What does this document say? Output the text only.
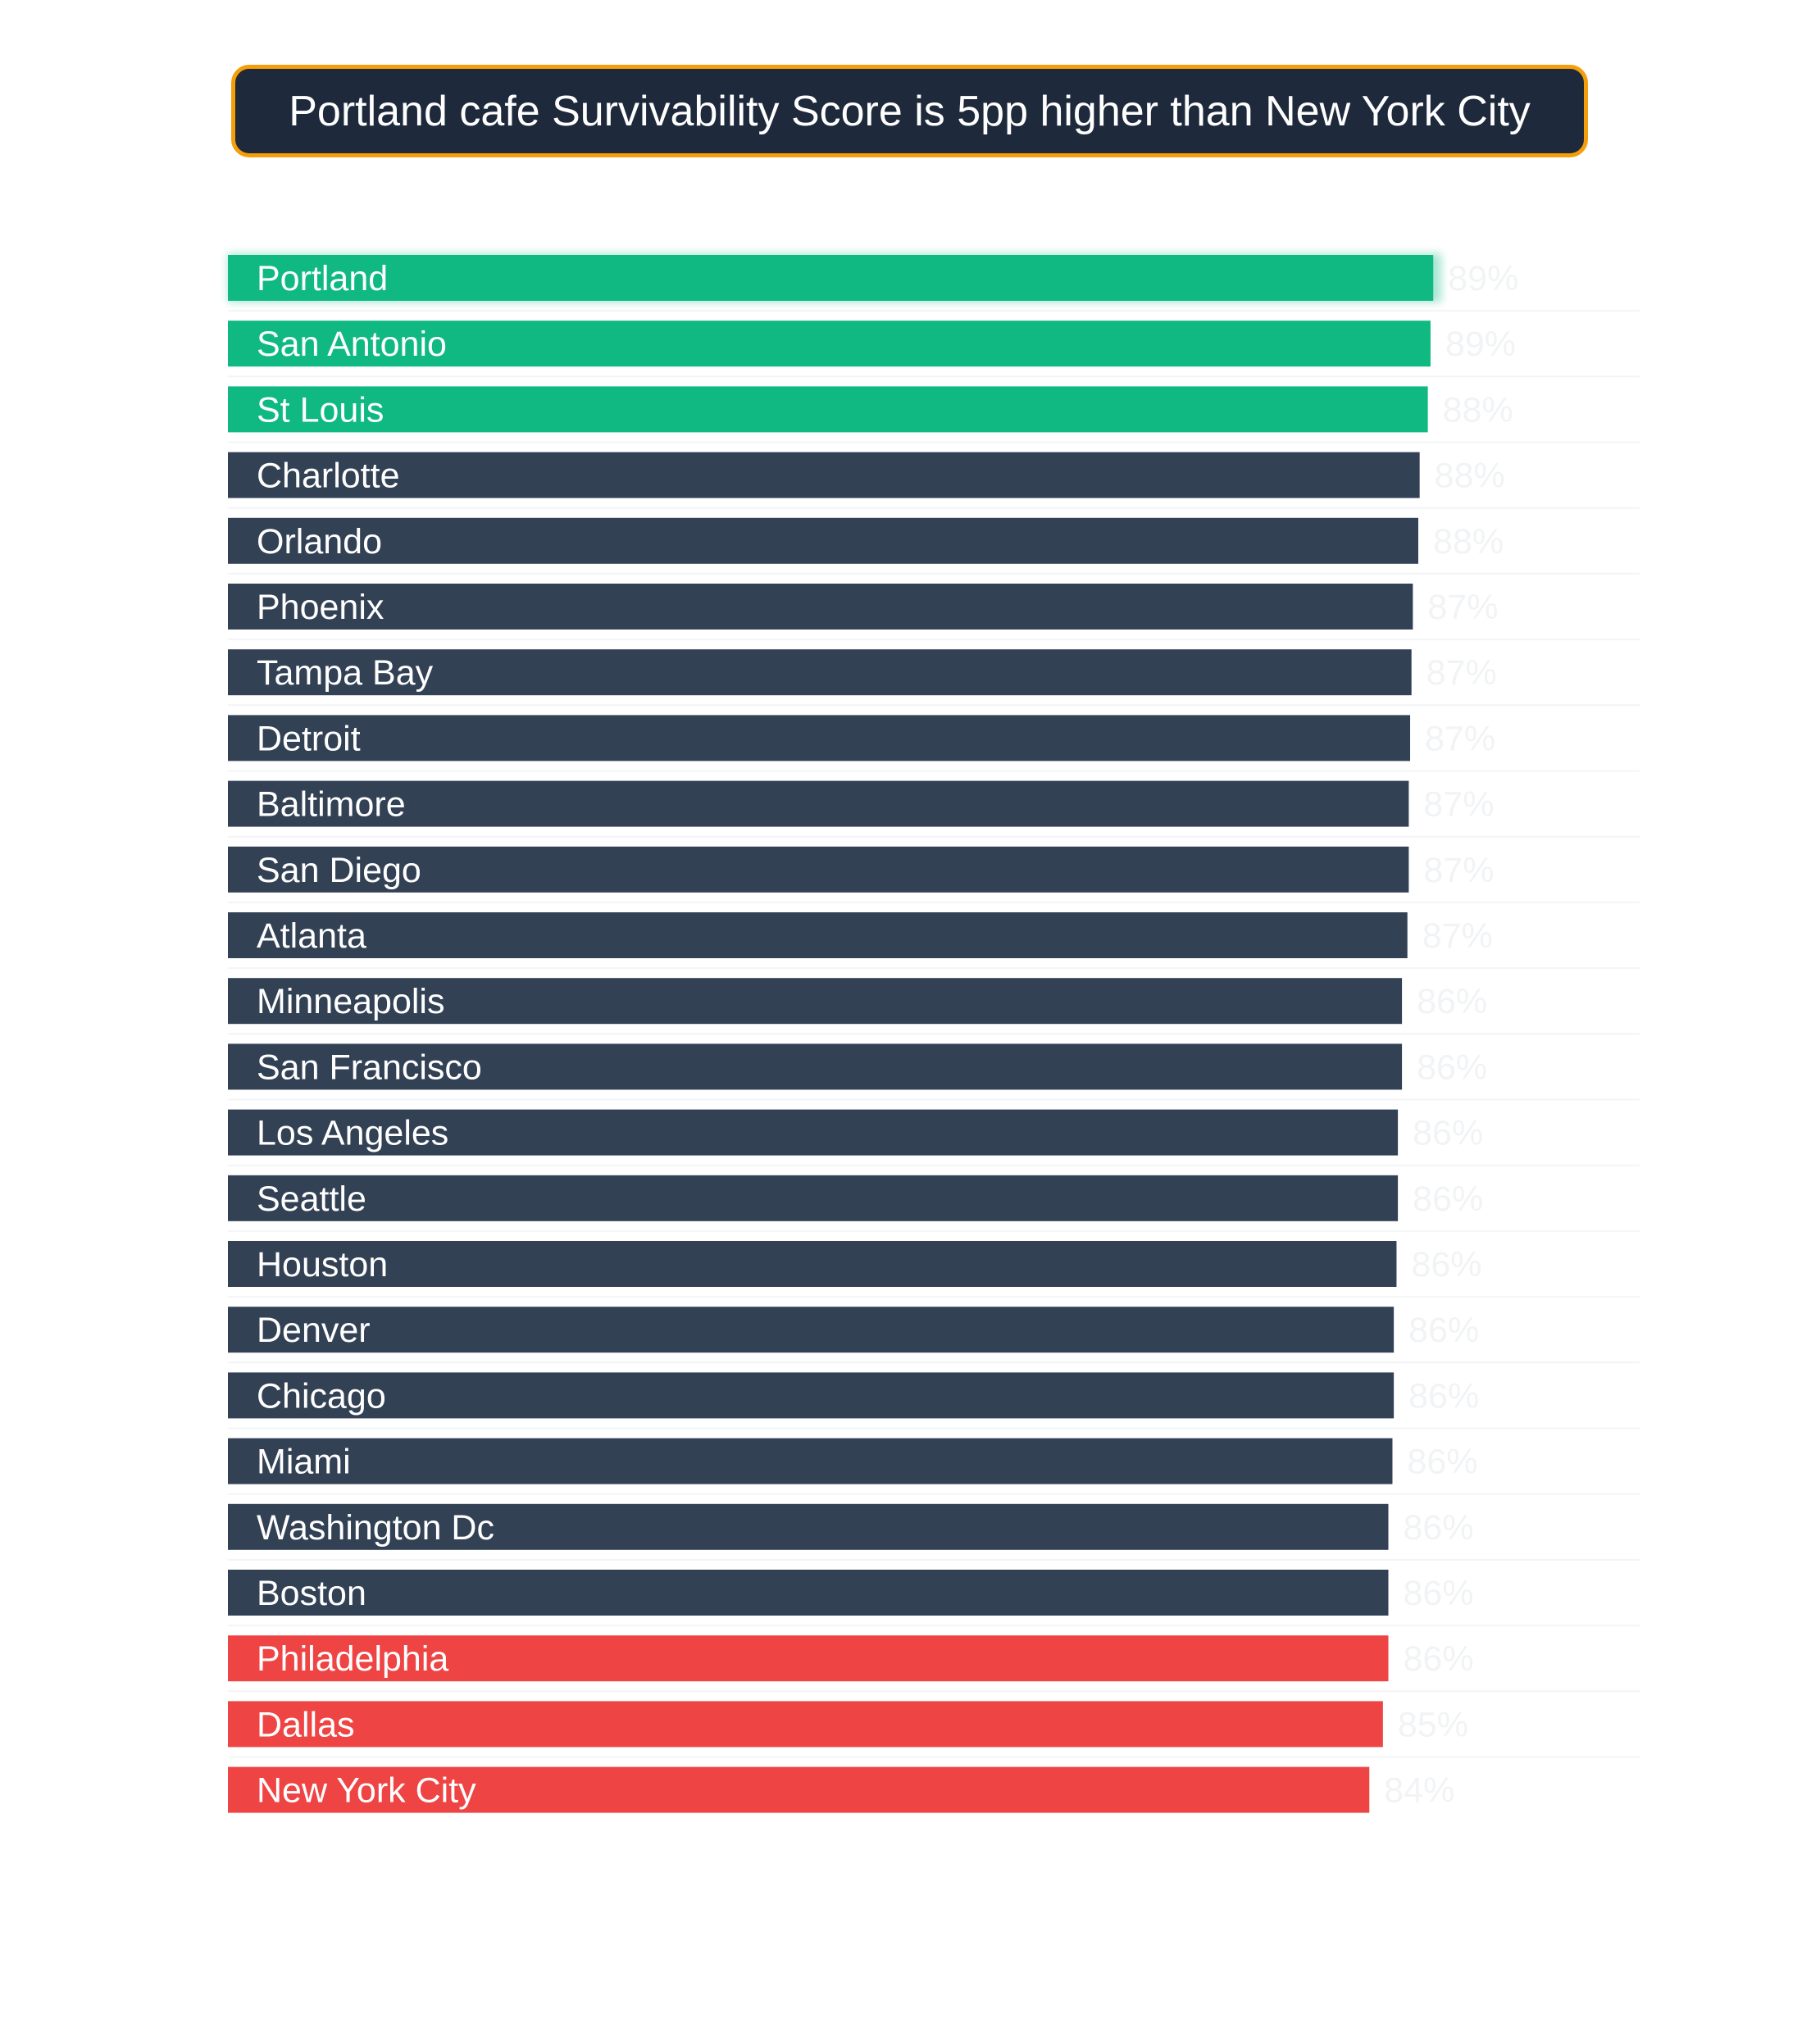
Portland cafe Survivability Score is 5pp higher than New York City
Portland	89%
San Antonio	89%
St Louis	88%
Charlotte	88%
Orlando	88%
Phoenix	87%
Tampa Bay	87%
Detroit	87%
Baltimore	87%
San Diego	87%
Atlanta	87%
Minneapolis	86%
San Francisco	86%
Los Angeles	86%
Seattle	86%
Houston	86%
Denver	86%
Chicago	86%
Miami	86%
Washington Dc	86%
Boston	86%
Philadelphia	86%
Dallas	85%
New York City	84%
